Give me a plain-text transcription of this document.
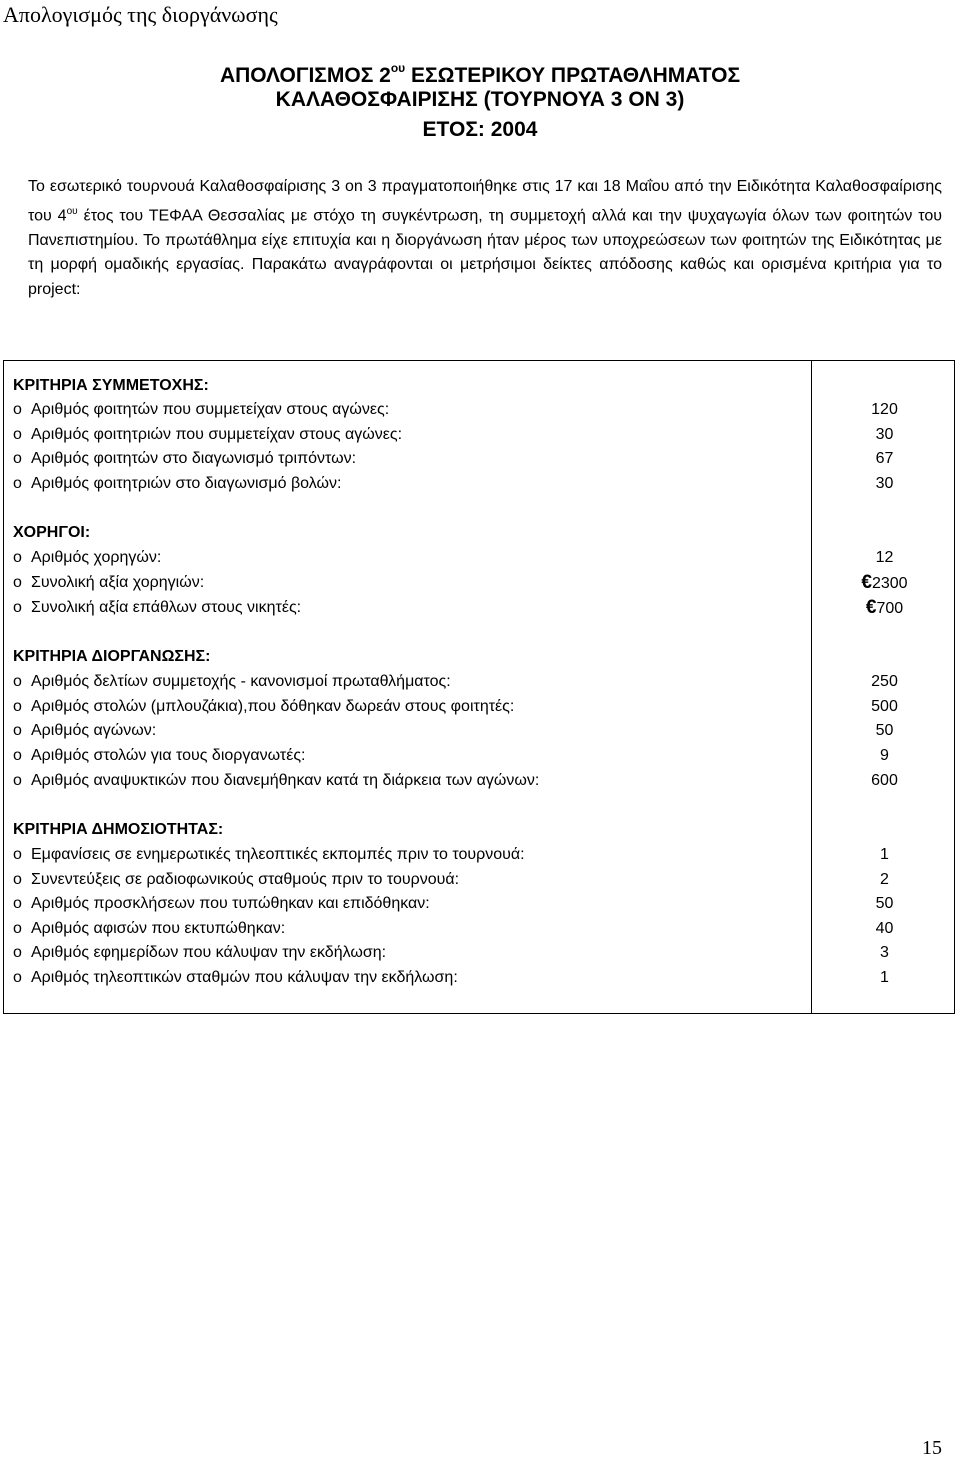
Απολογισμός της διοργάνωσης
ΑΠΟΛΟΓΙΣΜΟΣ $2^{o\upsilon}$ ΕΣΩΤΕΡΙΚΟΥ ΠΡΩΤΑΘΛΗΜΑΤΟΣ
ΚΑΛΑΘΟΣΦΑΙΡΙΣΗΣ (ΤΟΥΡΝΟΥΑ 3 ΟΝ 3)
ΕΤΟΣ: 2004
Το εσωτερικό τουρνουά Καλαθοσφαίρισης 3 on 3 πραγματοποιήθηκε στις 17 και 18 Μαΐου από την Ειδικότητα Καλαθοσφαίρισης του $4^{o\upsilon}$ έτος του ΤΕΦΑΑ Θεσσαλίας με στόχο τη συγκέντρωση, τη συμμετοχή αλλά και την ψυχαγωγία όλων των φοιτητών του Πανεπιστημίου. Το πρωτάθλημα είχε επιτυχία και η διοργάνωση ήταν μέρος των υποχρεώσεων των φοιτητών της Ειδικότητας με τη μορφή ομαδικής εργασίας. Παρακάτω αναγράφονται οι μετρήσιμοι δείκτες απόδοσης καθώς και ορισμένα κριτήρια για το project:
ΚΡΙΤΗΡΙΑ ΣΥΜΜΕΤΟΧΗΣ:
o Αριθμός φοιτητών που συμμετείχαν στους αγώνες:	120
o Αριθμός φοιτητριών που συμμετείχαν στους αγώνες:	30
o Αριθμός φοιτητών στο διαγωνισμό τριπόντων:	67
o Αριθμός φοιτητριών στο διαγωνισμό βολών:	30
ΧΟΡΗΓΟΙ:
o Αριθμός χορηγών:	12
o Συνολική αξία χορηγιών:	€2300
o Συνολική αξία επάθλων στους νικητές:	€700
ΚΡΙΤΗΡΙΑ ΔΙΟΡΓΑΝΩΣΗΣ:
o Αριθμός δελτίων συμμετοχής - κανονισμοί πρωταθλήματος:	250
o Αριθμός στολών (μπλουζάκια),που δόθηκαν δωρεάν στους φοιτητές:	500
o Αριθμός αγώνων:	50
o Αριθμός στολών για τους διοργανωτές:	9
o Αριθμός αναψυκτικών που διανεμήθηκαν κατά τη διάρκεια των αγώνων:	600
ΚΡΙΤΗΡΙΑ ΔΗΜΟΣΙΟΤΗΤΑΣ:
o Εμφανίσεις σε ενημερωτικές τηλεοπτικές εκπομπές πριν το τουρνουά:	1
o Συνεντεύξεις σε ραδιοφωνικούς σταθμούς πριν το τουρνουά:	2
o Αριθμός προσκλήσεων που τυπώθηκαν και επιδόθηκαν:	50
o Αριθμός αφισών που εκτυπώθηκαν:	40
o Αριθμός εφημερίδων που κάλυψαν την εκδήλωση:	3
o Αριθμός τηλεοπτικών σταθμών που κάλυψαν την εκδήλωση:	1
15
